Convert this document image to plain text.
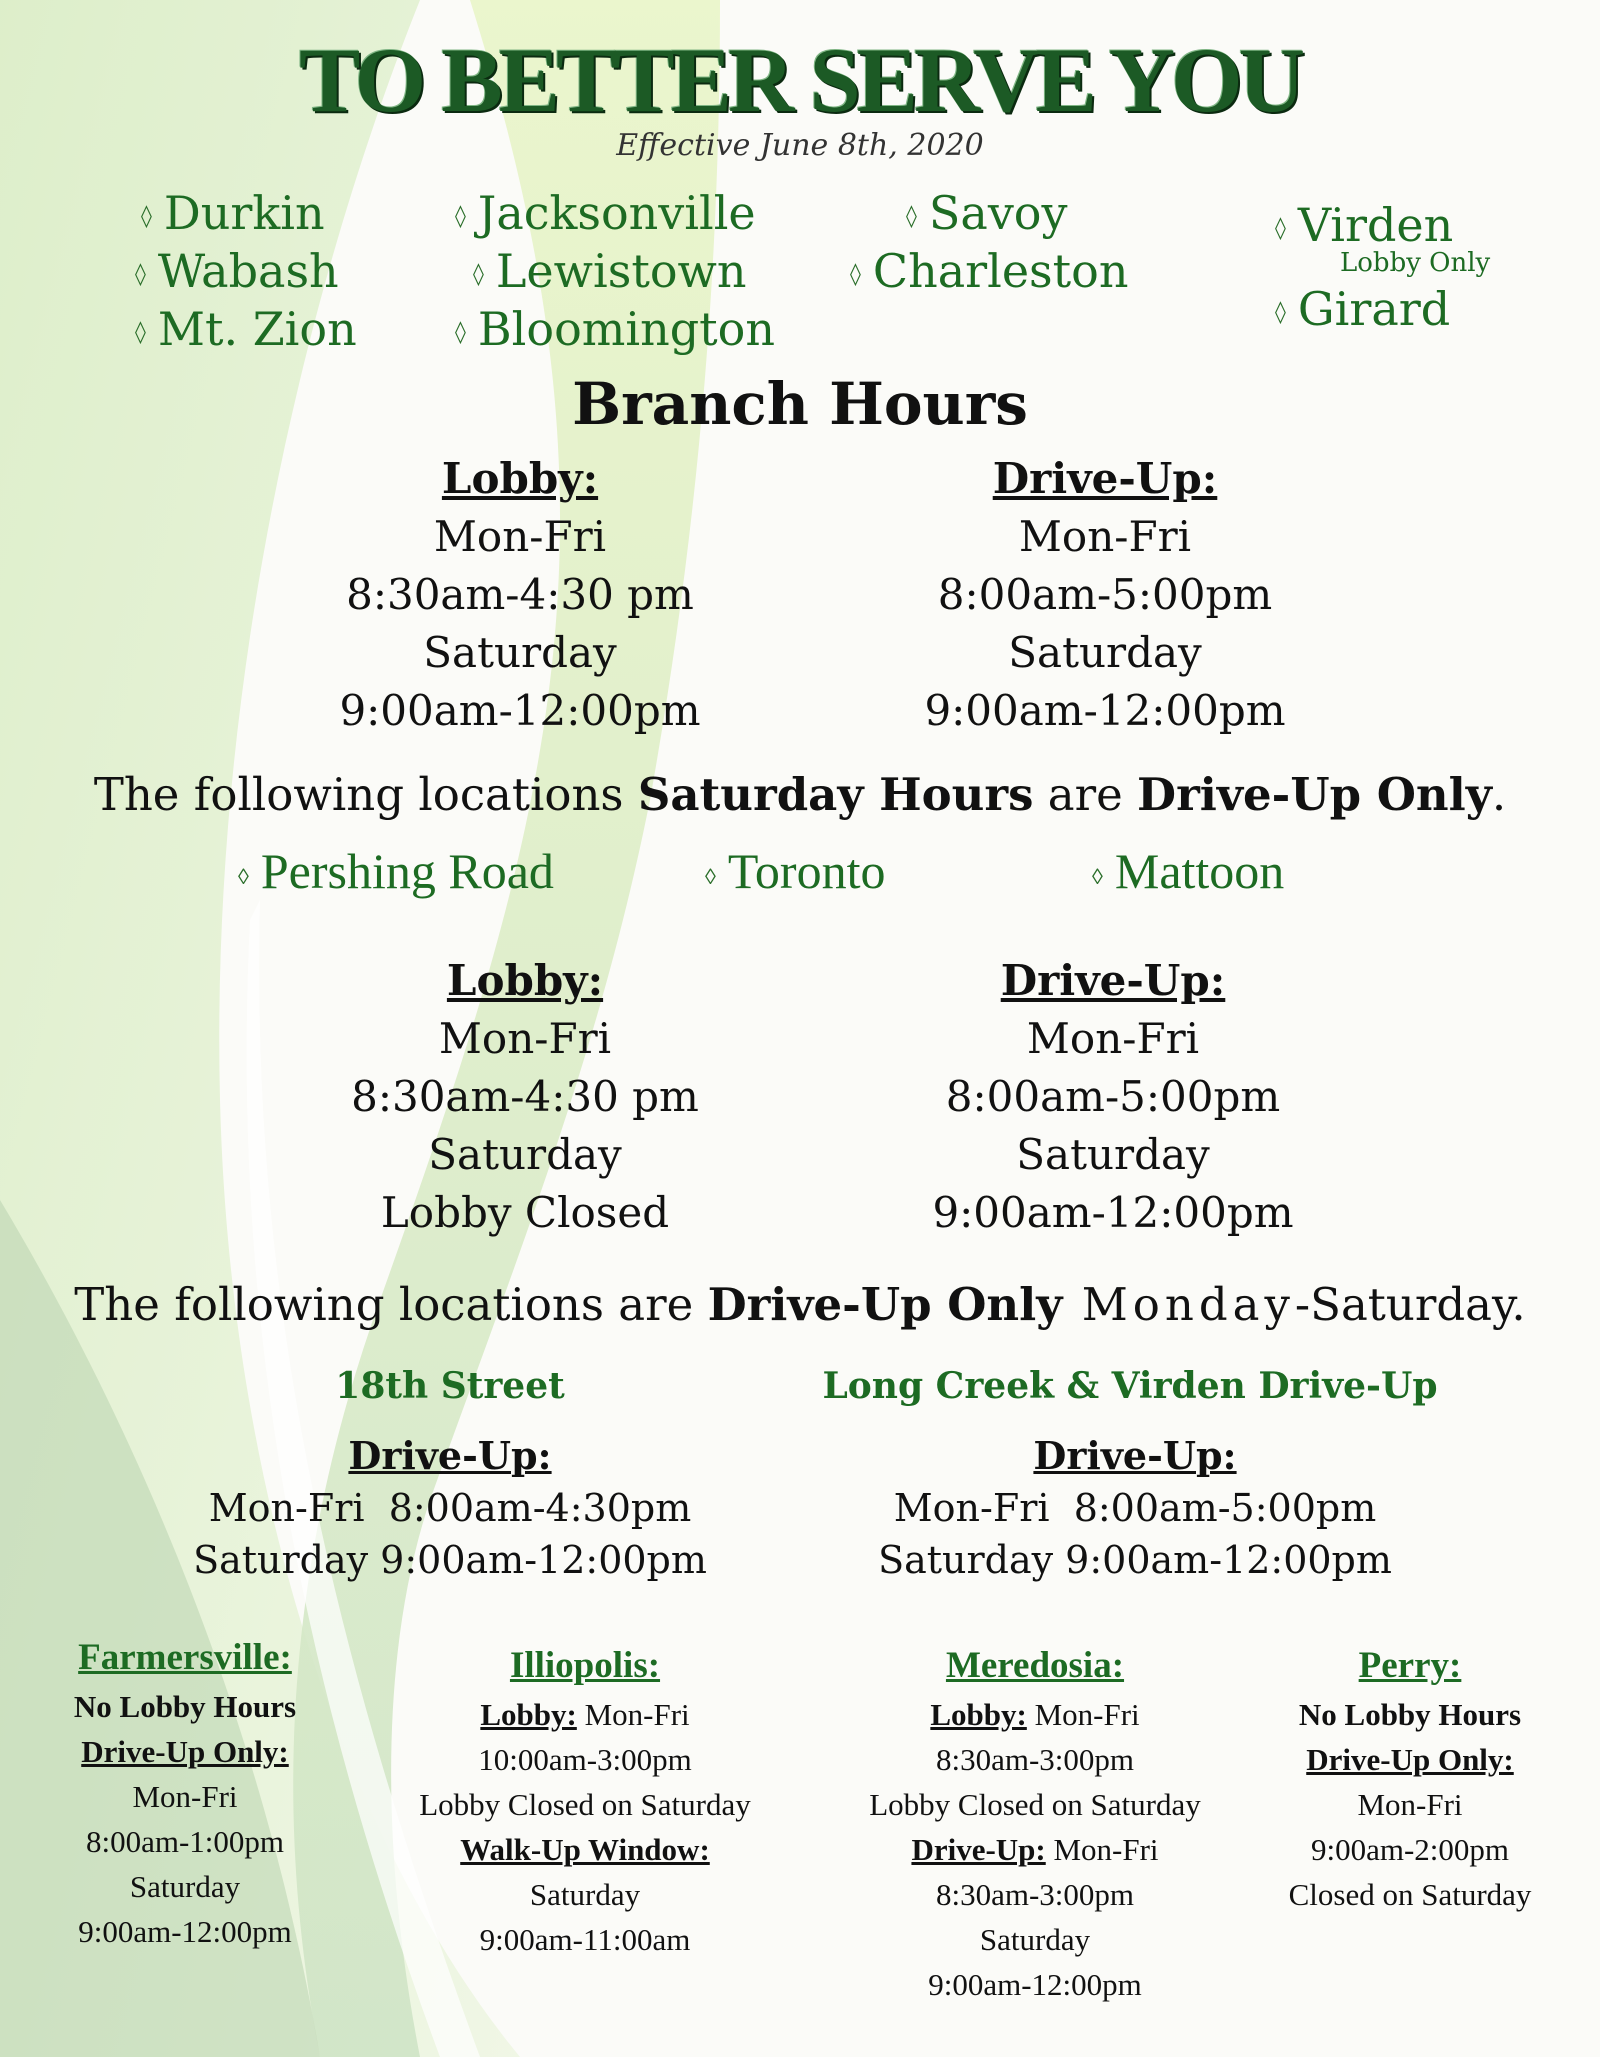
TO BETTER SERVE YOU
Effective June 8th, 2020
◊ Durkin
◊ Wabash
◊ Mt. Zion
◊ Jacksonville
◊ Lewistown
◊ Bloomington
◊ Savoy
◊ Charleston
◊ Virden
Lobby Only
◊ Girard
Branch Hours
Lobby:
Mon-Fri
8:30am-4:30 pm
Saturday
9:00am-12:00pm
Drive-Up:
Mon-Fri
8:00am-5:00pm
Saturday
9:00am-12:00pm
The following locations Saturday Hours are Drive-Up Only.
◊ Pershing Road	◊ Toronto	◊ Mattoon
Lobby:
Mon-Fri
8:30am-4:30 pm
Saturday
Lobby Closed
Drive-Up:
Mon-Fri
8:00am-5:00pm
Saturday
9:00am-12:00pm
The following locations are Drive-Up Only Monday-Saturday.
18th Street	Long Creek & Virden Drive-Up
Drive-Up:
Mon-Fri  8:00am-4:30pm
Saturday 9:00am-12:00pm
Drive-Up:
Mon-Fri  8:00am-5:00pm
Saturday 9:00am-12:00pm
Farmersville:
No Lobby Hours
Drive-Up Only:
Mon-Fri
8:00am-1:00pm
Saturday
9:00am-12:00pm
Illiopolis:
Lobby: Mon-Fri
10:00am-3:00pm
Lobby Closed on Saturday
Walk-Up Window:
Saturday
9:00am-11:00am
Meredosia:
Lobby: Mon-Fri
8:30am-3:00pm
Lobby Closed on Saturday
Drive-Up: Mon-Fri
8:30am-3:00pm
Saturday
9:00am-12:00pm
Perry:
No Lobby Hours
Drive-Up Only:
Mon-Fri
9:00am-2:00pm
Closed on Saturday
